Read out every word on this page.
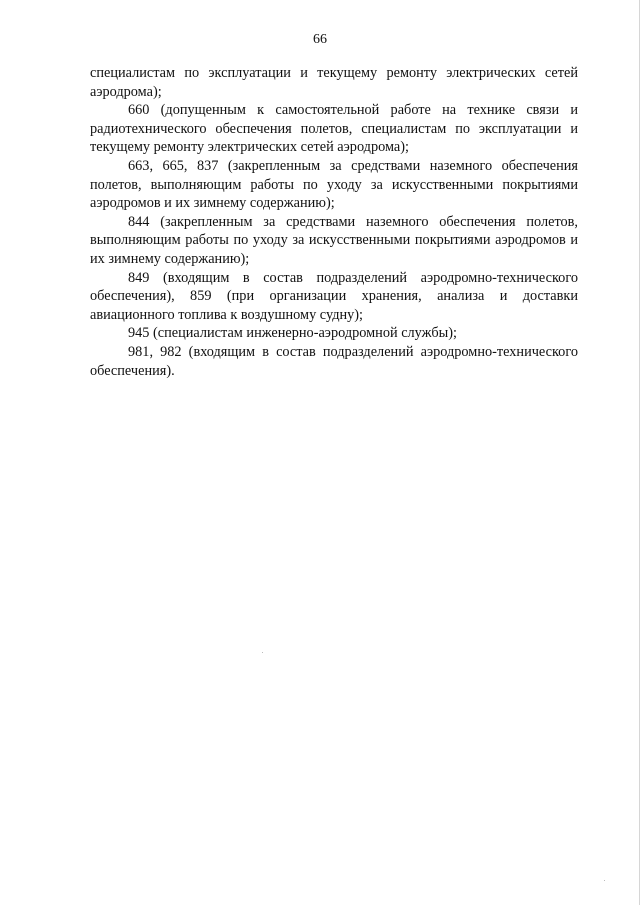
66

специалистам по эксплуатации и текущему ремонту электрических сетей аэродрома);

660 (допущенным к самостоятельной работе на технике связи и радиотехнического обеспечения полетов, специалистам по эксплуатации и текущему ремонту электрических сетей аэродрома);

663, 665, 837 (закрепленным за средствами наземного обеспечения полетов, выполняющим работы по уходу за искусственными покрытиями аэродромов и их зимнему содержанию);

844 (закрепленным за средствами наземного обеспечения полетов, выполняющим работы по уходу за искусственными покрытиями аэродромов и их зимнему содержанию);

849 (входящим в состав подразделений аэродромно-технического обеспечения), 859 (при организации хранения, анализа и доставки авиационного топлива к воздушному судну);

945 (специалистам инженерно-аэродромной службы);

981, 982 (входящим в состав подразделений аэродромно-технического обеспечения).
